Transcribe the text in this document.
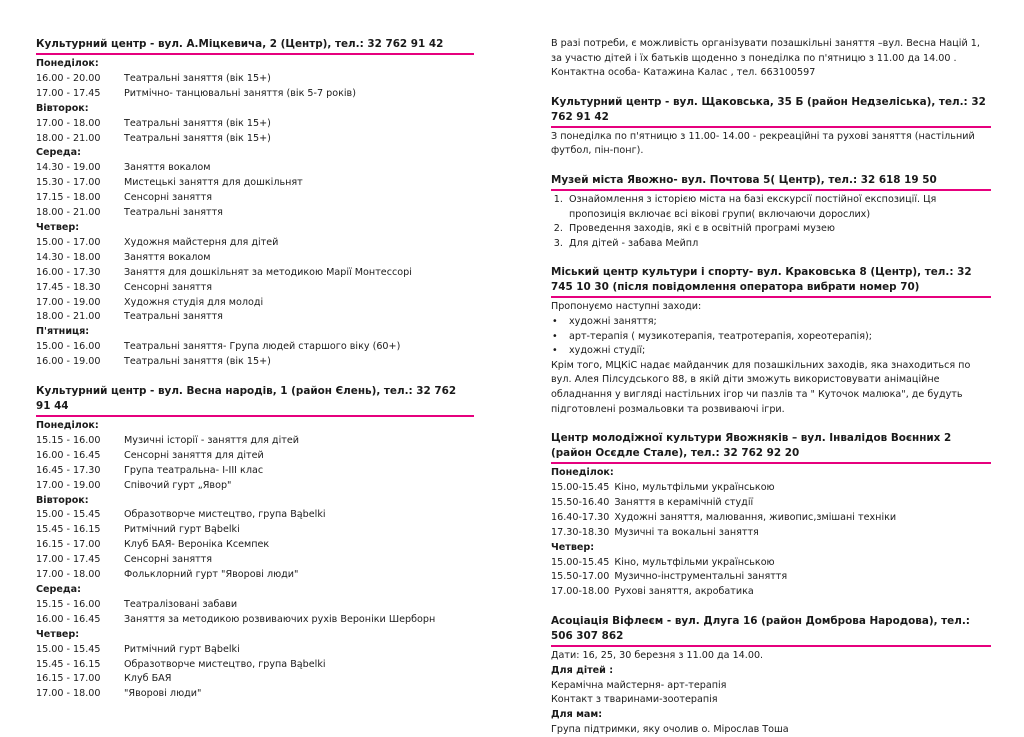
Культурний центр - вул. А.Міцкевича, 2 (Центр), тел.: 32 762 91 42
Понеділок:
16.00 - 20.00	Театральні заняття (вік 15+)
17.00 - 17.45	Ритмічно- танцювальні заняття (вік 5-7 років)
Вівторок:
17.00 - 18.00	Театральні заняття (вік 15+)
18.00 - 21.00	Театральні заняття (вік 15+)
Середа:
14.30 - 19.00	Заняття вокалом
15.30 - 17.00	Мистецькі заняття для дошкільнят
17.15 - 18.00	Сенсорні заняття
18.00 - 21.00	Театральні заняття
Четвер:
15.00 - 17.00	Художня майстерня для дітей
14.30 - 18.00	Заняття вокалом
16.00 - 17.30	Заняття для дошкільнят за методикою Марії Монтессорі
17.45 - 18.30	Сенсорні заняття
17.00 - 19.00	Художня студія для молоді
18.00 - 21.00	Театральні заняття
П'ятниця:
15.00 - 16.00	Театральні заняття- Група людей старшого віку (60+)
16.00 - 19.00	Театральні заняття (вік 15+)
Культурний центр - вул. Весна народів, 1 (район Єлень), тел.: 32 762 91 44
Понеділок:
15.15 - 16.00	Музичні історії - заняття для дітей
16.00 - 16.45	Сенсорні заняття для дітей
16.45 - 17.30	Група театральна- I-III клас
17.00 - 19.00	Співочий гурт „Явор"
Вівторок:
15.00 - 15.45	Образотворче мистецтво, група Bąbelki
15.45 - 16.15	Ритмічний гурт Bąbelki
16.15 - 17.00	Клуб БАЯ- Вероніка Ксемпек
17.00 - 17.45	Сенсорні заняття
17.00 - 18.00	Фольклорний гурт "Яворові люди"
Середа:
15.15 - 16.00	Театралізовані забави
16.00 - 16.45	Заняття за методикою розвиваючих рухів Вероніки Шерборн
Четвер:
15.00 - 15.45	Ритмічний гурт Bąbelki
15.45 - 16.15	Образотворче мистецтво, група Bąbelki
16.15 - 17.00	Клуб БАЯ
17.00 - 18.00	"Яворові люди"
В разі потреби, є можливість організувати позашкільні заняття –вул. Весна Націй 1, за участю дітей і їх батьків щоденно з понеділка по п'ятницю з 11.00 да 14.00 . Контактна особа- Катажина Калас , тел. 663100597
Культурний центр - вул. Щаковська, 35 Б (район Недзеліська), тел.: 32 762 91 42
З понеділка по п'ятницю з 11.00- 14.00 - рекреаційні та рухові заняття (настільний футбол, пін-понг).
Музей міста Явожно- вул. Почтова 5( Центр), тел.: 32 618 19 50
1. Ознайомлення з історією міста на базі екскурсії постійної експозиції. Ця пропозиція включає всі вікові групи( включаючи дорослих)
2. Проведення заходів, які є в освітній програмі музею
3. Для дітей - забава Мейпл
Міський центр культури і спорту- вул. Краковська 8 (Центр), тел.: 32 745 10 30 (після повідомлення оператора вибрати номер 70)
Пропонуємо наступні заходи:
• художні заняття;
• арт-терапія ( музикотерапія, театротерапія, хореотерапія);
• художні студії;
Крім того, МЦКіС надає майданчик для позашкільних заходів, яка знаходиться по вул. Алея Пілсудського 88, в якій діти зможуть використовувати анімаційне обладнання у вигляді настільних ігор чи пазлів та " Куточок малюка", де будуть підготовлені розмальовки та розвиваючі ігри.
Центр молодіжної культури Явожняків – вул. Інвалідов Воєнних 2 (район Осєдле Стале), тел.: 32 762 92 20
Понеділок:
15.00-15.45 Кіно, мультфільми українською
15.50-16.40 Заняття в керамічній студії
16.40-17.30 Художні заняття, малювання, живопис,змішані техніки
17.30-18.30 Музичні та вокальні заняття
Четвер:
15.00-15.45 Кіно, мультфільми українською
15.50-17.00 Музично-інструментальні заняття
17.00-18.00 Рухові заняття, акробатика
Асоціація Віфлеєм - вул. Длуга 16 (район Домброва Народова), тел.: 506 307 862
Дати: 16, 25, 30 березня з 11.00 да 14.00.
Для дітей :
Керамічна майстерня- арт-терапія
Контакт з тваринами-зоотерапія
Для мам:
Група підтримки, яку очолив о. Мірослав Тоша
